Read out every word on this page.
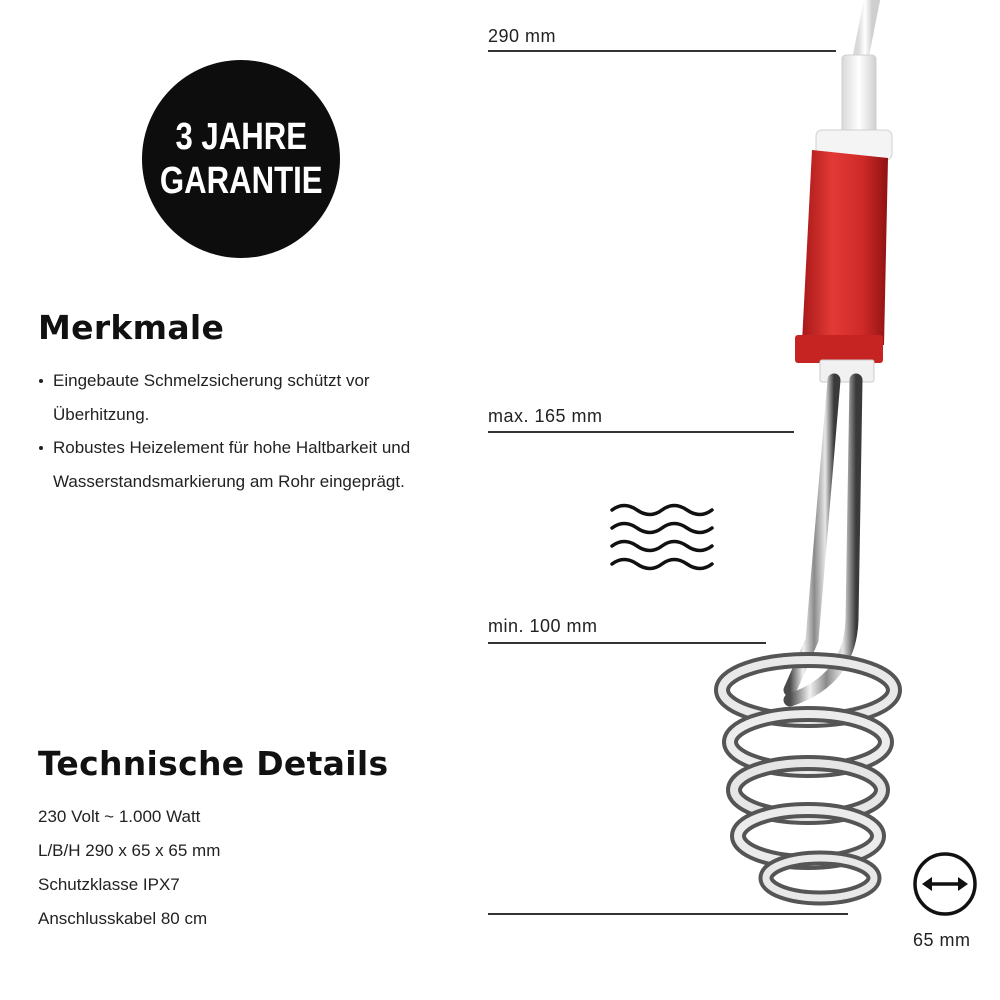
3 JAHRE
GARANTIE
Merkmale
Eingebaute Schmelzsicherung schützt vor Überhitzung.
Robustes Heizelement für hohe Haltbarkeit und Wasserstandsmarkierung am Rohr eingeprägt.
Technische Details
230 Volt ~ 1.000 Watt
L/B/H 290 x 65 x 65 mm
Schutzklasse IPX7
Anschlusskabel 80 cm
290 mm
max. 165 mm
min. 100 mm
65 mm
